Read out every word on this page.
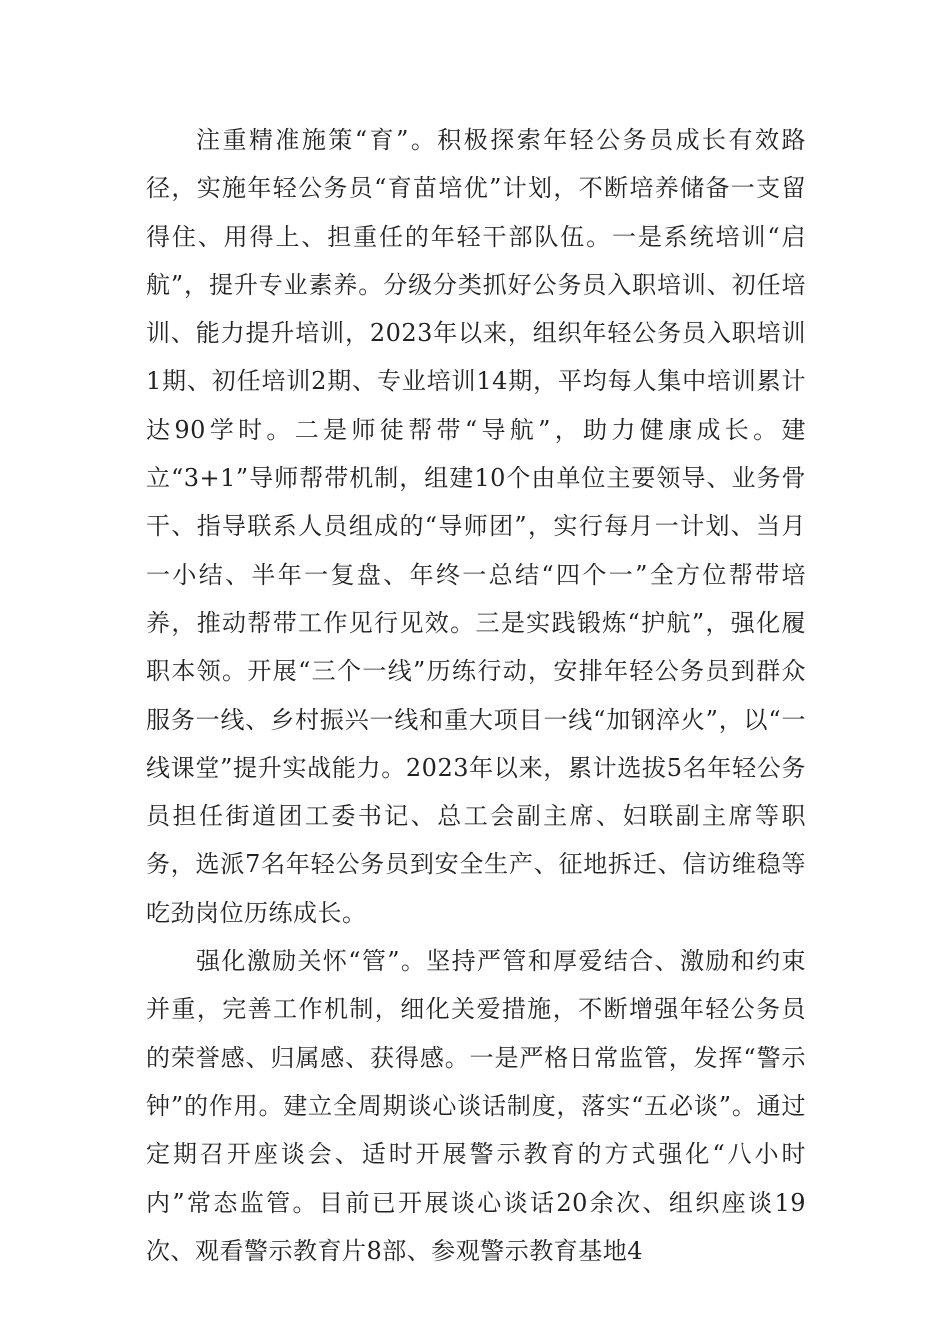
注重精准施策“育”。积极探索年轻公务员成长有效路径，实施年轻公务员“育苗培优”计划，不断培养储备一支留得住、用得上、担重任的年轻干部队伍。一是系统培训“启航”，提升专业素养。分级分类抓好公务员入职培训、初任培训、能力提升培训，2023年以来，组织年轻公务员入职培训1期、初任培训2期、专业培训14期，平均每人集中培训累计达90学时。二是师徒帮带“导航”，助力健康成长。建立“3+1”导师帮带机制，组建10个由单位主要领导、业务骨干、指导联系人员组成的“导师团”，实行每月一计划、当月一小结、半年一复盘、年终一总结“四个一”全方位帮带培养，推动帮带工作见行见效。三是实践锻炼“护航”，强化履职本领。开展“三个一线”历练行动，安排年轻公务员到群众服务一线、乡村振兴一线和重大项目一线“加钢淬火”，以“一线课堂”提升实战能力。2023年以来，累计选拔5名年轻公务员担任街道团工委书记、总工会副主席、妇联副主席等职务，选派7名年轻公务员到安全生产、征地拆迁、信访维稳等吃劲岗位历练成长。

强化激励关怀“管”。坚持严管和厚爱结合、激励和约束并重，完善工作机制，细化关爱措施，不断增强年轻公务员的荣誉感、归属感、获得感。一是严格日常监管，发挥“警示钟”的作用。建立全周期谈心谈话制度，落实“五必谈”。通过定期召开座谈会、适时开展警示教育的方式强化“八小时内”常态监管。目前已开展谈心谈话20余次、组织座谈19次、观看警示教育片8部、参观警示教育基地4
